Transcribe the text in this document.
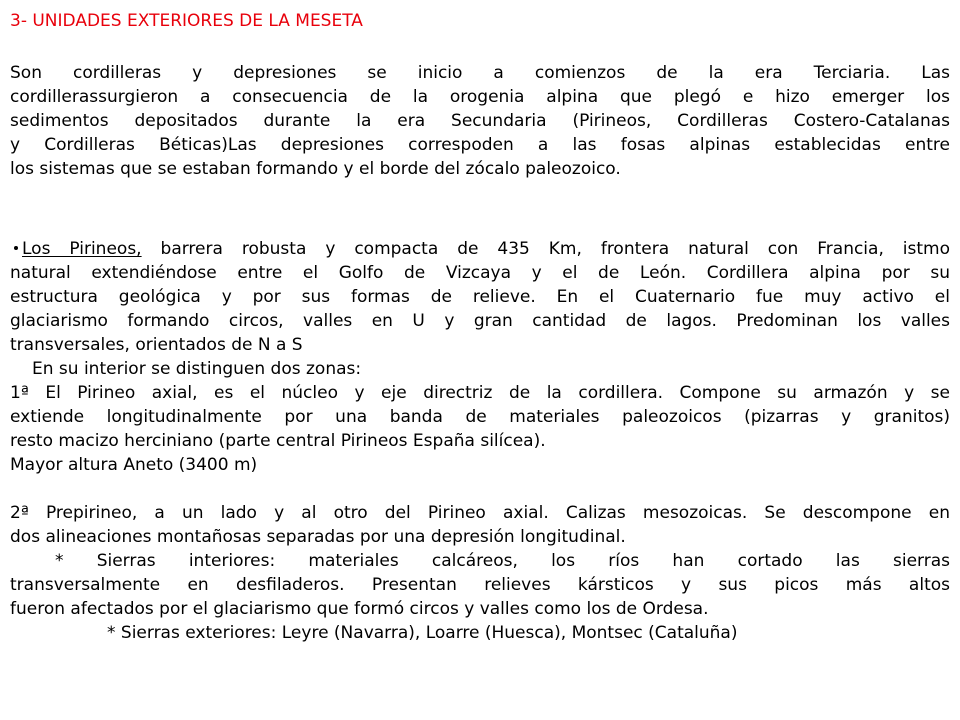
3- UNIDADES EXTERIORES DE LA MESETA
Son cordilleras y depresiones se inicio a comienzos de la era Terciaria. Las
cordillerassurgieron a consecuencia de la orogenia alpina que plegó e hizo emerger los
sedimentos depositados durante la era Secundaria (Pirineos, Cordilleras Costero-Catalanas
y Cordilleras Béticas)Las depresiones correspoden a las fosas alpinas establecidas entre
los sistemas que se estaban formando y el borde del zócalo paleozoico.
Los Pirineos, barrera robusta y compacta de 435 Km, frontera natural con Francia, istmo
natural extendiéndose entre el Golfo de Vizcaya y el de León. Cordillera alpina por su
estructura geológica y por sus formas de relieve. En el Cuaternario fue muy activo el
glaciarismo formando circos, valles en U y gran cantidad de lagos. Predominan los valles
transversales, orientados de N a S
En su interior se distinguen dos zonas:
1ª El Pirineo axial, es el núcleo y eje directriz de la cordillera. Compone su armazón y se
extiende longitudinalmente por una banda de materiales paleozoicos (pizarras y granitos)
resto macizo herciniano (parte central Pirineos España silícea).
Mayor altura Aneto (3400 m)
2ª Prepirineo, a un lado y al otro del Pirineo axial. Calizas mesozoicas. Se descompone en
dos alineaciones montañosas separadas por una depresión longitudinal.
* Sierras interiores: materiales calcáreos, los ríos han cortado las sierras
transversalmente en desfiladeros. Presentan relieves kársticos y sus picos más altos
fueron afectados por el glaciarismo que formó circos y valles como los de Ordesa.
* Sierras exteriores: Leyre (Navarra), Loarre (Huesca), Montsec (Cataluña)
